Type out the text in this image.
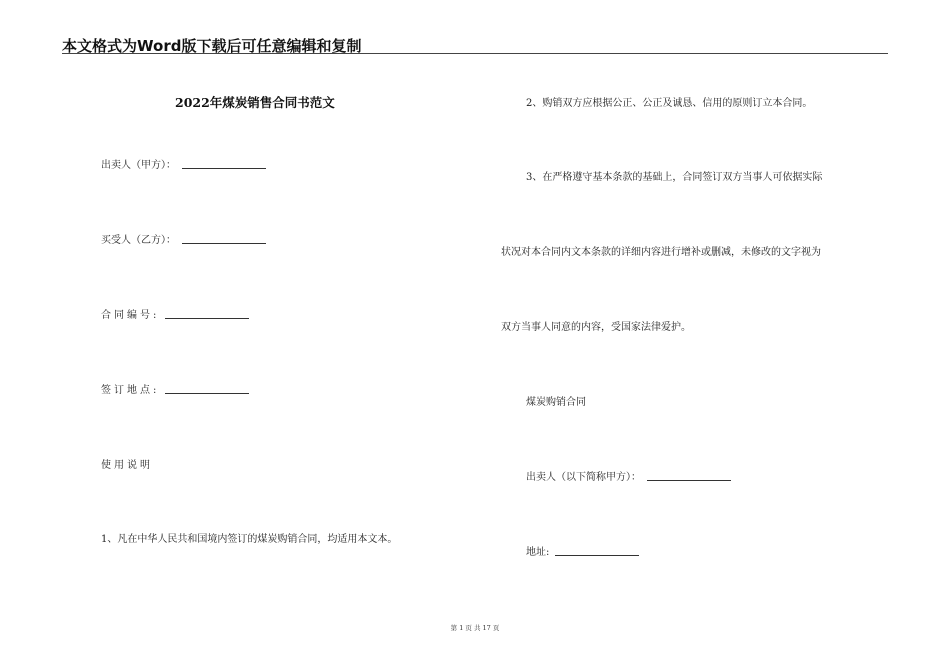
本文格式为Word版下载后可任意编辑和复制
2022年煤炭销售合同书范文
出卖人（甲方）：
买受人（乙方）：
合同编号:
签订地点:
使用说明
1、凡在中华人民共和国境内签订的煤炭购销合同，均适用本文本。
2、购销双方应根据公正、公正及诚恳、信用的原则订立本合同。
3、在严格遵守基本条款的基础上，合同签订双方当事人可依据实际
状况对本合同内文本条款的详细内容进行增补或删减，未修改的文字视为
双方当事人同意的内容，受国家法律爱护。
煤炭购销合同
出卖人（以下简称甲方）：
地址:
第 1 页 共 17 页
